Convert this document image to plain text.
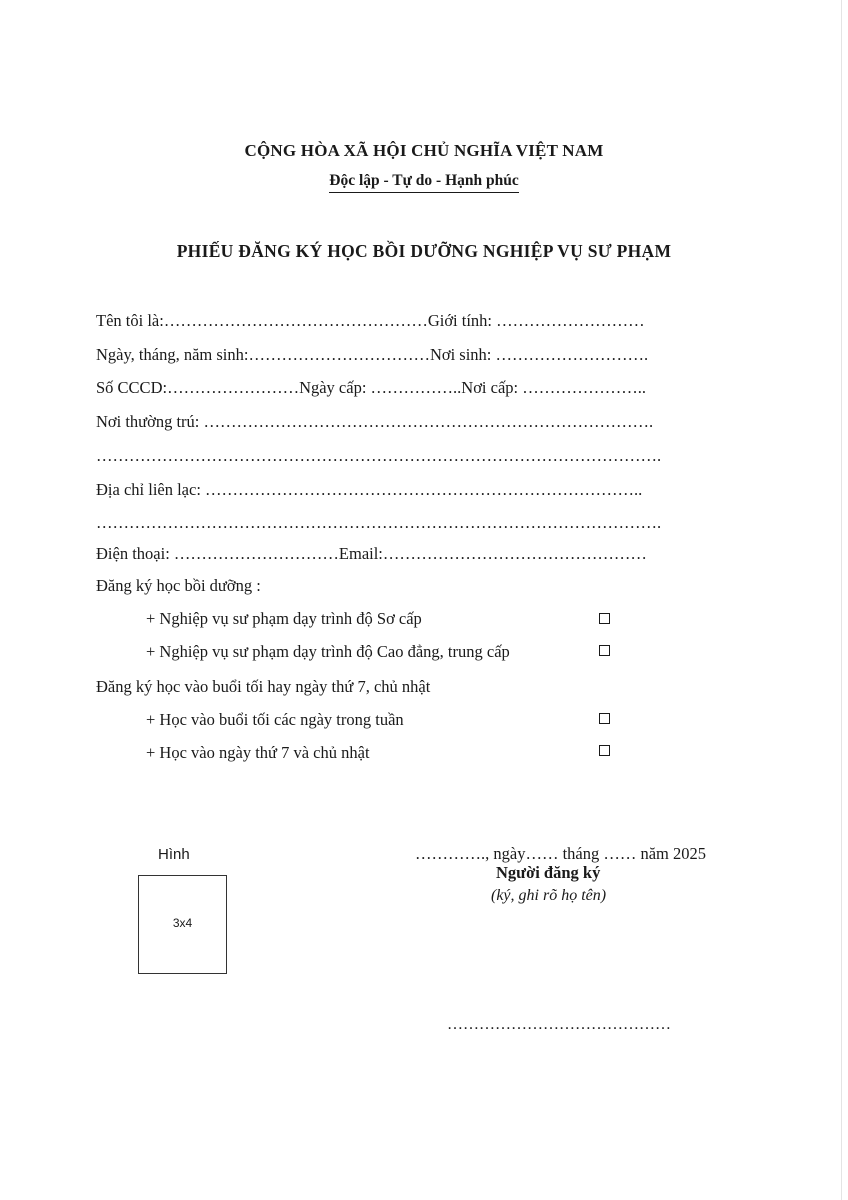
CỘNG HÒA XÃ HỘI CHỦ NGHĨA VIỆT NAM
Độc lập - Tự do - Hạnh phúc
PHIẾU ĐĂNG KÝ HỌC BỒI DƯỠNG NGHIỆP VỤ SƯ PHẠM
Tên tôi là:…………………………………………Giới tính: ………………………
Ngày, tháng, năm sinh:……………………………Nơi sinh: ……………………….
Số CCCD:……………………Ngày cấp: ……………..Nơi cấp: …………………..
Nơi thường trú: ……………………………………………………………………….
………………………………………………………………………………………….
Địa chỉ liên lạc: ……………………………………………………………………..
………………………………………………………………………………………….
Điện thoại: …………………………Email:…………………………………………
Đăng ký học bồi dưỡng :
+ Nghiệp vụ sư phạm dạy trình độ Sơ cấp
+ Nghiệp vụ sư phạm dạy trình độ Cao đẳng, trung cấp
Đăng ký học vào buổi tối hay ngày thứ 7, chủ nhật
+ Học vào buổi tối các ngày trong tuần
+ Học vào ngày thứ 7 và chủ nhật
Hình
3x4
…………., ngày…… tháng …… năm 2025
Người đăng ký
(ký, ghi rõ họ tên)
……………………………………
